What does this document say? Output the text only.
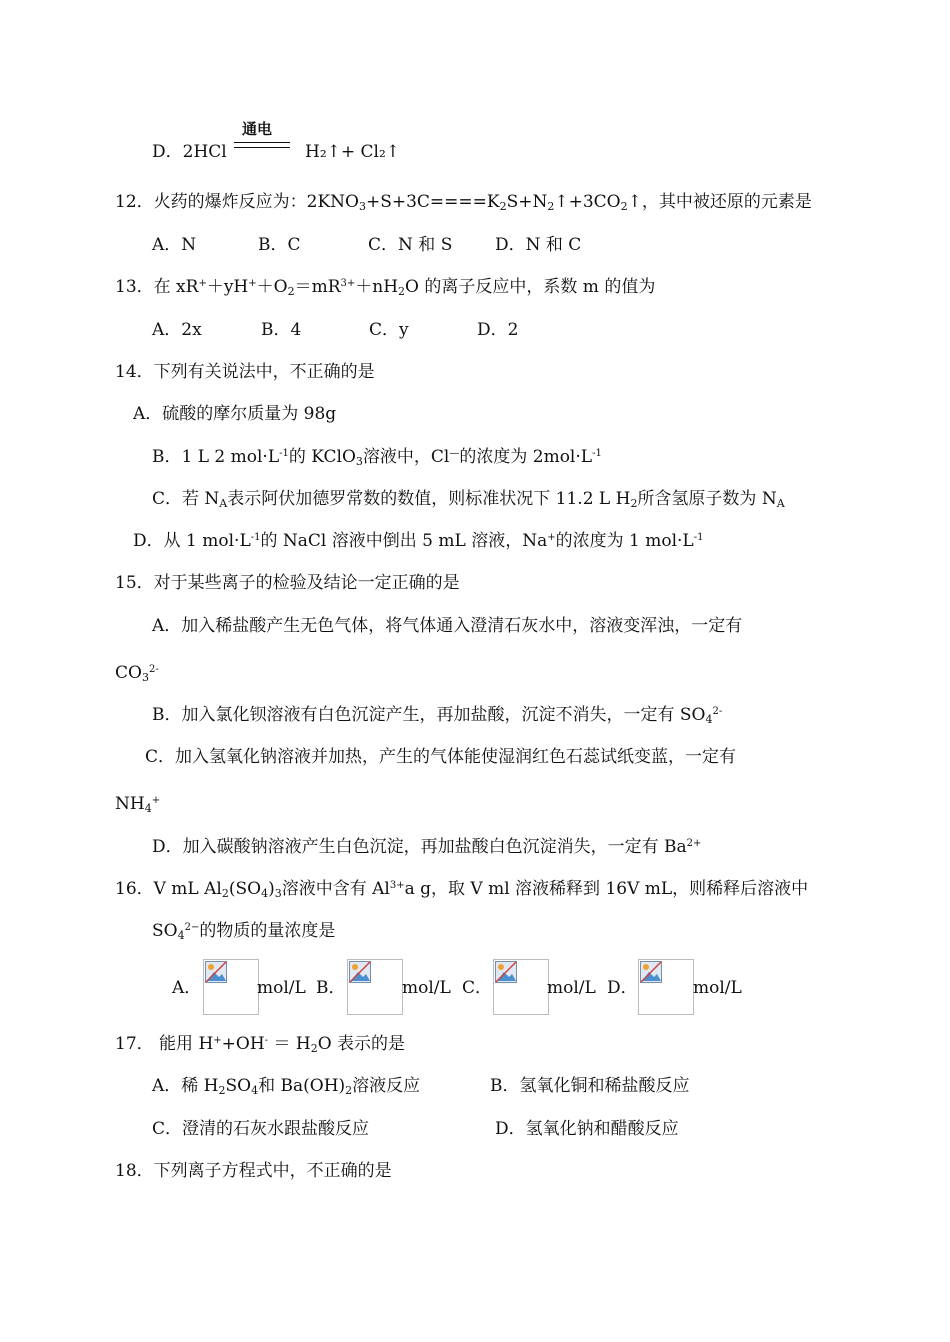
D．2HCl
通电
H₂↑+ Cl₂↑
12．火药的爆炸反应为：$2KNO_3+S+3C====K_2S+N_2↑+3CO_2↑$，其中被还原的元素是
A．N	B．C	C．N 和 S	D．N 和 C
13．在 $xR^++yH^++O_2=mR^{3+}+nH_2O$ 的离子反应中，系数 m 的值为
A．2x	B．4	C．y	D．2
14．下列有关说法中，不正确的是
A．硫酸的摩尔质量为 98g
B．1 L 2 $mol\cdot L^{-1}$的 KClO$_3$溶液中，Cl—的浓度为 $2mol\cdot L^{-1}$
C．若 $N_A$表示阿伏加德罗常数的数值，则标准状况下 11.2 L $H_2$所含氢原子数为 $N_A$
D．从 1 $mol\cdot L^{-1}$的 NaCl 溶液中倒出 5 mL 溶液，Na+的浓度为 1 $mol\cdot L^{-1}$
15．对于某些离子的检验及结论一定正确的是
A．加入稀盐酸产生无色气体，将气体通入澄清石灰水中，溶液变浑浊，一定有
$CO_3^{2-}$
B．加入氯化钡溶液有白色沉淀产生，再加盐酸，沉淀不消失，一定有 $SO_4^{2-}$
C．加入氢氧化钠溶液并加热，产生的气体能使湿润红色石蕊试纸变蓝，一定有
$NH_4^+$
D．加入碳酸钠溶液产生白色沉淀，再加盐酸白色沉淀消失，一定有 $Ba^{2+}$
16．V mL $Al_2(SO_4)_3$溶液中含有 $Al^{3+}a$ g，取 V ml 溶液稀释到 16V mL，则稀释后溶液中
$SO_4^{2-}$的物质的量浓度是
A．	mol/L B．	mol/L C．	mol/L D．	mol/L
17． 能用 $H^++OH^- = H_2O$ 表示的是
A．稀 $H_2SO_4$和 $Ba(OH)_2$溶液反应	B．氢氧化铜和稀盐酸反应
C．澄清的石灰水跟盐酸反应	D．氢氧化钠和醋酸反应
18．下列离子方程式中，不正确的是
